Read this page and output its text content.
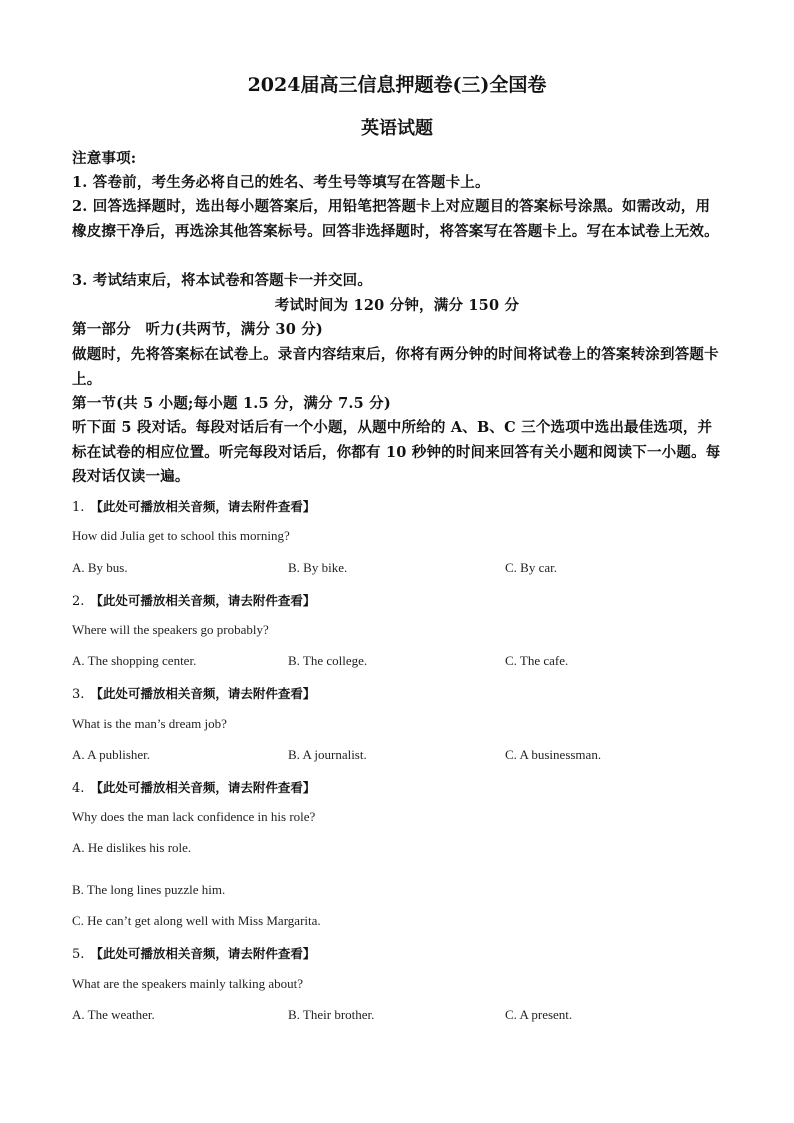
2024届高三信息押题卷(三)全国卷
英语试题
注意事项:
1. 答卷前，考生务必将自己的姓名、考生号等填写在答题卡上。
2. 回答选择题时，选出每小题答案后，用铅笔把答题卡上对应题目的答案标号涂黑。如需改动，用橡皮擦干净后，再选涂其他答案标号。回答非选择题时，将答案写在答题卡上。写在本试卷上无效。
3. 考试结束后，将本试卷和答题卡一并交回。
考试时间为 120 分钟，满分 150 分
第一部分　听力(共两节，满分 30 分)
做题时，先将答案标在试卷上。录音内容结束后，你将有两分钟的时间将试卷上的答案转涂到答题卡上。
第一节(共 5 小题;每小题 1.5 分，满分 7.5 分)
听下面 5 段对话。每段对话后有一个小题，从题中所给的 A、B、C 三个选项中选出最佳选项，并标在试卷的相应位置。听完每段对话后，你都有 10 秒钟的时间来回答有关小题和阅读下一小题。每段对话仅读一遍。
1. 【此处可播放相关音频，请去附件查看】
How did Julia get to school this morning?
A. By bus.	B. By bike.	C. By car.
2. 【此处可播放相关音频，请去附件查看】
Where will the speakers go probably?
A. The shopping center.	B. The college.	C. The cafe.
3. 【此处可播放相关音频，请去附件查看】
What is the man’s dream job?
A. A publisher.	B. A journalist.	C. A businessman.
4. 【此处可播放相关音频，请去附件查看】
Why does the man lack confidence in his role?
A. He dislikes his role.
B. The long lines puzzle him.
C. He can’t get along well with Miss Margarita.
5. 【此处可播放相关音频，请去附件查看】
What are the speakers mainly talking about?
A. The weather.	B. Their brother.	C. A present.
